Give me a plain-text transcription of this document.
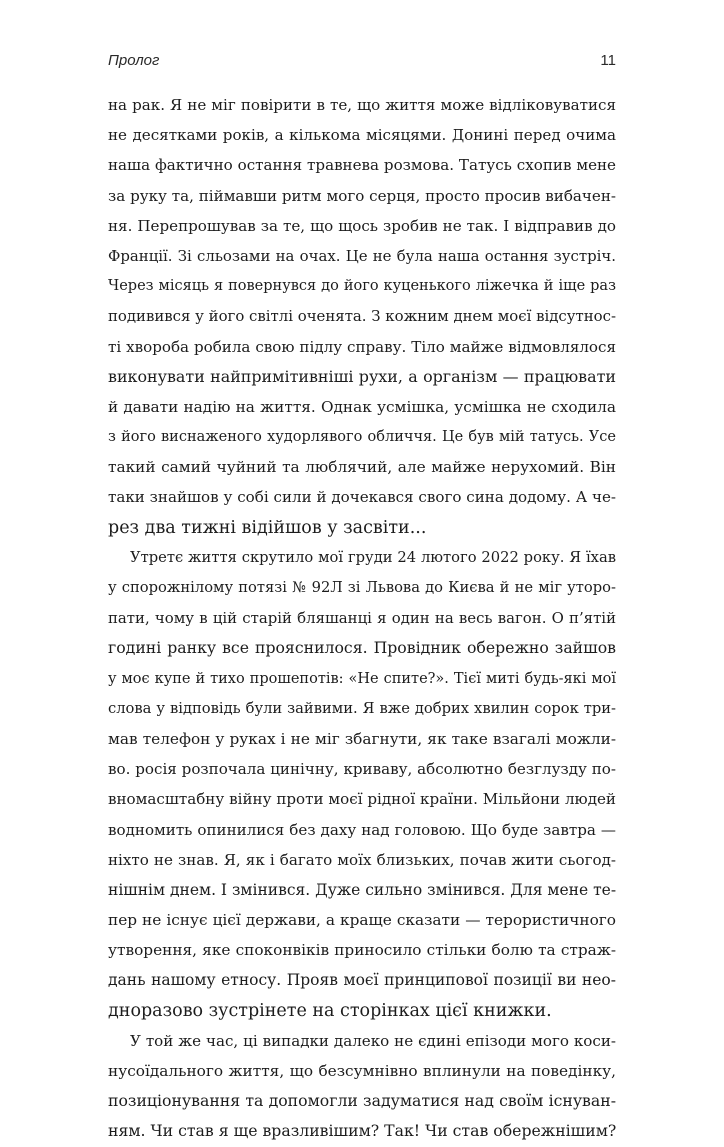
Пролог	11
на рак. Я не міг повірити в те, що життя може відліковуватися
не десятками років, а кількома місяцями. Донині перед очима
наша фактично остання травнева розмова. Татусь схопив мене
за руку та, піймавши ритм мого серця, просто просив вибачен-
ня. Перепрошував за те, що щось зробив не так. І відправив до
Франції. Зі сльозами на очах. Це не була наша остання зустріч.
Через місяць я повернувся до його куценького ліжечка й іще раз
подивився у його світлі оченята. З кожним днем моєї відсутнос-
ті хвороба робила свою підлу справу. Тіло майже відмовлялося
виконувати найпримітивніші рухи, а організм — працювати
й давати надію на життя. Однак усмішка, усмішка не сходила
з його виснаженого худорлявого обличчя. Це був мій татусь. Усе
такий самий чуйний та люблячий, але майже нерухомий. Він
таки знайшов у собі сили й дочекався свого сина додому. А че-
рез два тижні відійшов у засвіти...
Утретє життя скрутило мої груди 24 лютого 2022 року. Я їхав
у спорожнілому потязі № 92Л зі Львова до Києва й не міг уторо-
пати, чому в цій старій бляшанці я один на весь вагон. О п’ятій
годині ранку все прояснилося. Провідник обережно зайшов
у моє купе й тихо прошепотів: «Не спите?». Тієї миті будь-які мої
слова у відповідь були зайвими. Я вже добрих хвилин сорок три-
мав телефон у руках і не міг збагнути, як таке взагалі можли-
во. росія розпочала цинічну, криваву, абсолютно безглузду по-
вномасштабну війну проти моєї рідної країни. Мільйони людей
водномить опинилися без даху над головою. Що буде завтра —
ніхто не знав. Я, як і багато моїх близьких, почав жити сьогод-
нішнім днем. І змінився. Дуже сильно змінився. Для мене те-
пер не існує цієї держави, а краще сказати — терористичного
утворення, яке споконвіків приносило стільки болю та страж-
дань нашому етносу. Прояв моєї принципової позиції ви нео-
дноразово зустрінете на сторінках цієї книжки.
У той же час, ці випадки далеко не єдині епізоди мого коси-
нусоїдального життя, що безсумнівно вплинули на поведінку,
позиціонування та допомогли задуматися над своїм існуван-
ням. Чи став я ще вразливішим? Так! Чи став обережнішим?
